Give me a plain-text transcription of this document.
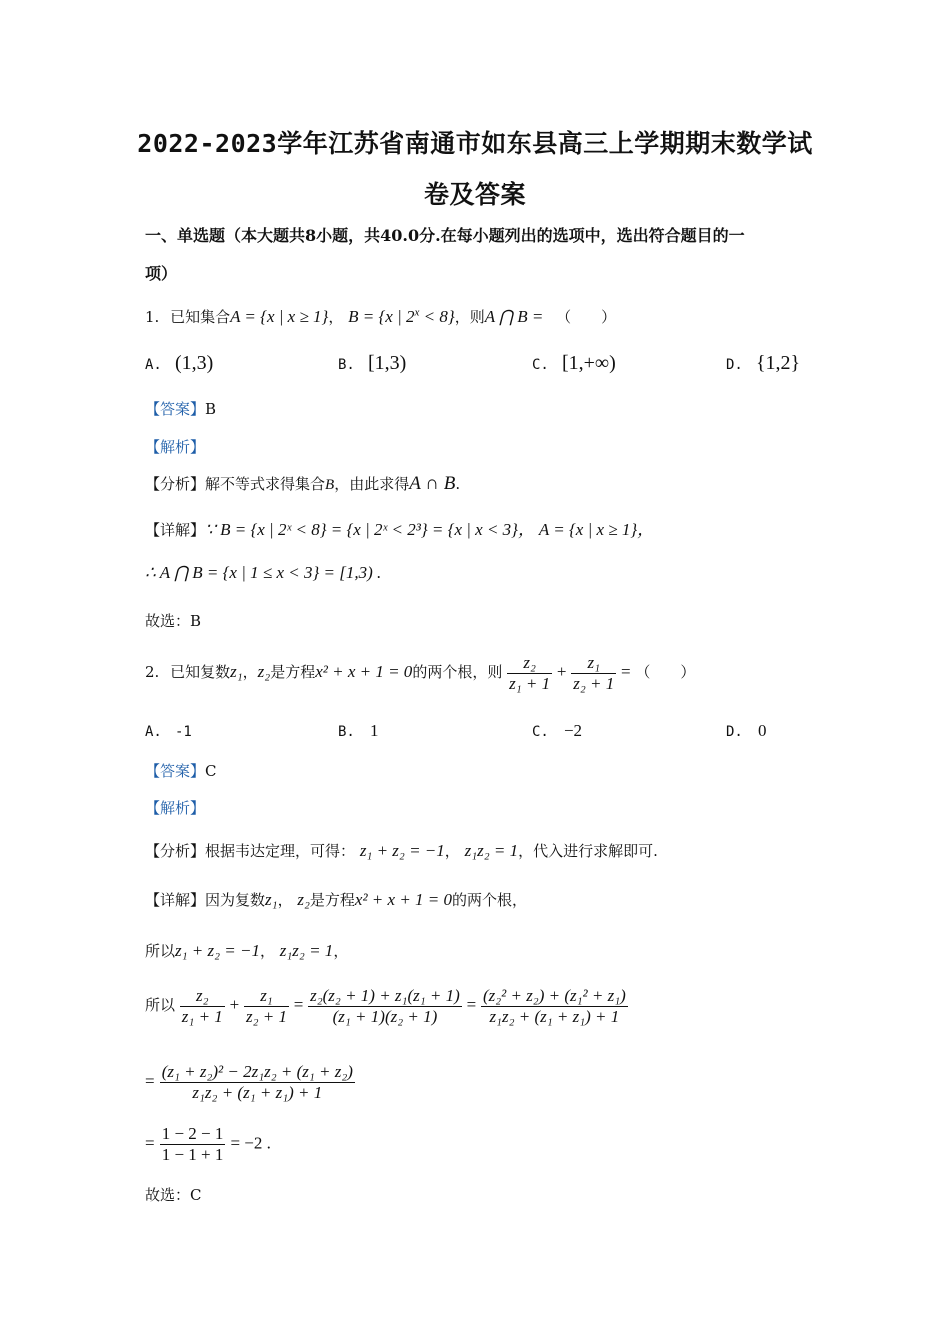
2022-2023学年江苏省南通市如东县高三上学期期末数学试
卷及答案
一、单选题（本大题共8小题，共40.0分.在每小题列出的选项中，选出符合题目的一
项）
1. 已知集合A = {x | x ≥ 1}， B = {x | $2^x < 8$}，则A ⋂ B = （　　）
A. (1,3)	B. [1,3)	C. [1,+∞)	D. {1,2}
【答案】B
【解析】
【分析】解不等式求得集合B，由此求得A ∩ B.
【详解】∵ B = {x | 2ˣ < 8} = {x | 2ˣ < 2³} = {x | x < 3}， A = {x | x ≥ 1}，
∴ A ⋂ B = {x | 1 ≤ x < 3} = [1,3) .
故选：B
2. 已知复数z₁，z₂是方程x² + x + 1 = 0的两个根，则 $\frac{\text{z₂}}{\text{z₁ + 1}} + \frac{\text{z₁}}{\text{z₂ + 1}}$ = （　　）
A. -1	B. 1	C. −2	D. 0
【答案】C
【解析】
【分析】根据韦达定理，可得： z₁ + z₂ = −1， z₁z₂ = 1，代入进行求解即可.
【详解】因为复数z₁， z₂是方程x² + x + 1 = 0的两个根，
所以z₁ + z₂ = −1， z₁z₂ = 1，
所以 $\frac{\text{z₂}}{\text{z₁ + 1}} + \frac{\text{z₁}}{\text{z₂ + 1}} = \frac{\text{z₂(z₂ + 1) + z₁(z₁ + 1)}}{\text{(z₁ + 1)(z₂ + 1)}} = \frac{\text{(z₂² + z₂) + (z₁² + z₁)}}{\text{z₁z₂ + (z₁ + z₁) + 1}}$
= $\frac{\text{(z₁ + z₂)² − 2z₁z₂ + (z₁ + z₂)}}{\text{z₁z₂ + (z₁ + z₁) + 1}}$
= $\frac{1 - 2 - 1}{1 - 1 + 1} = -2$ .
故选：C
